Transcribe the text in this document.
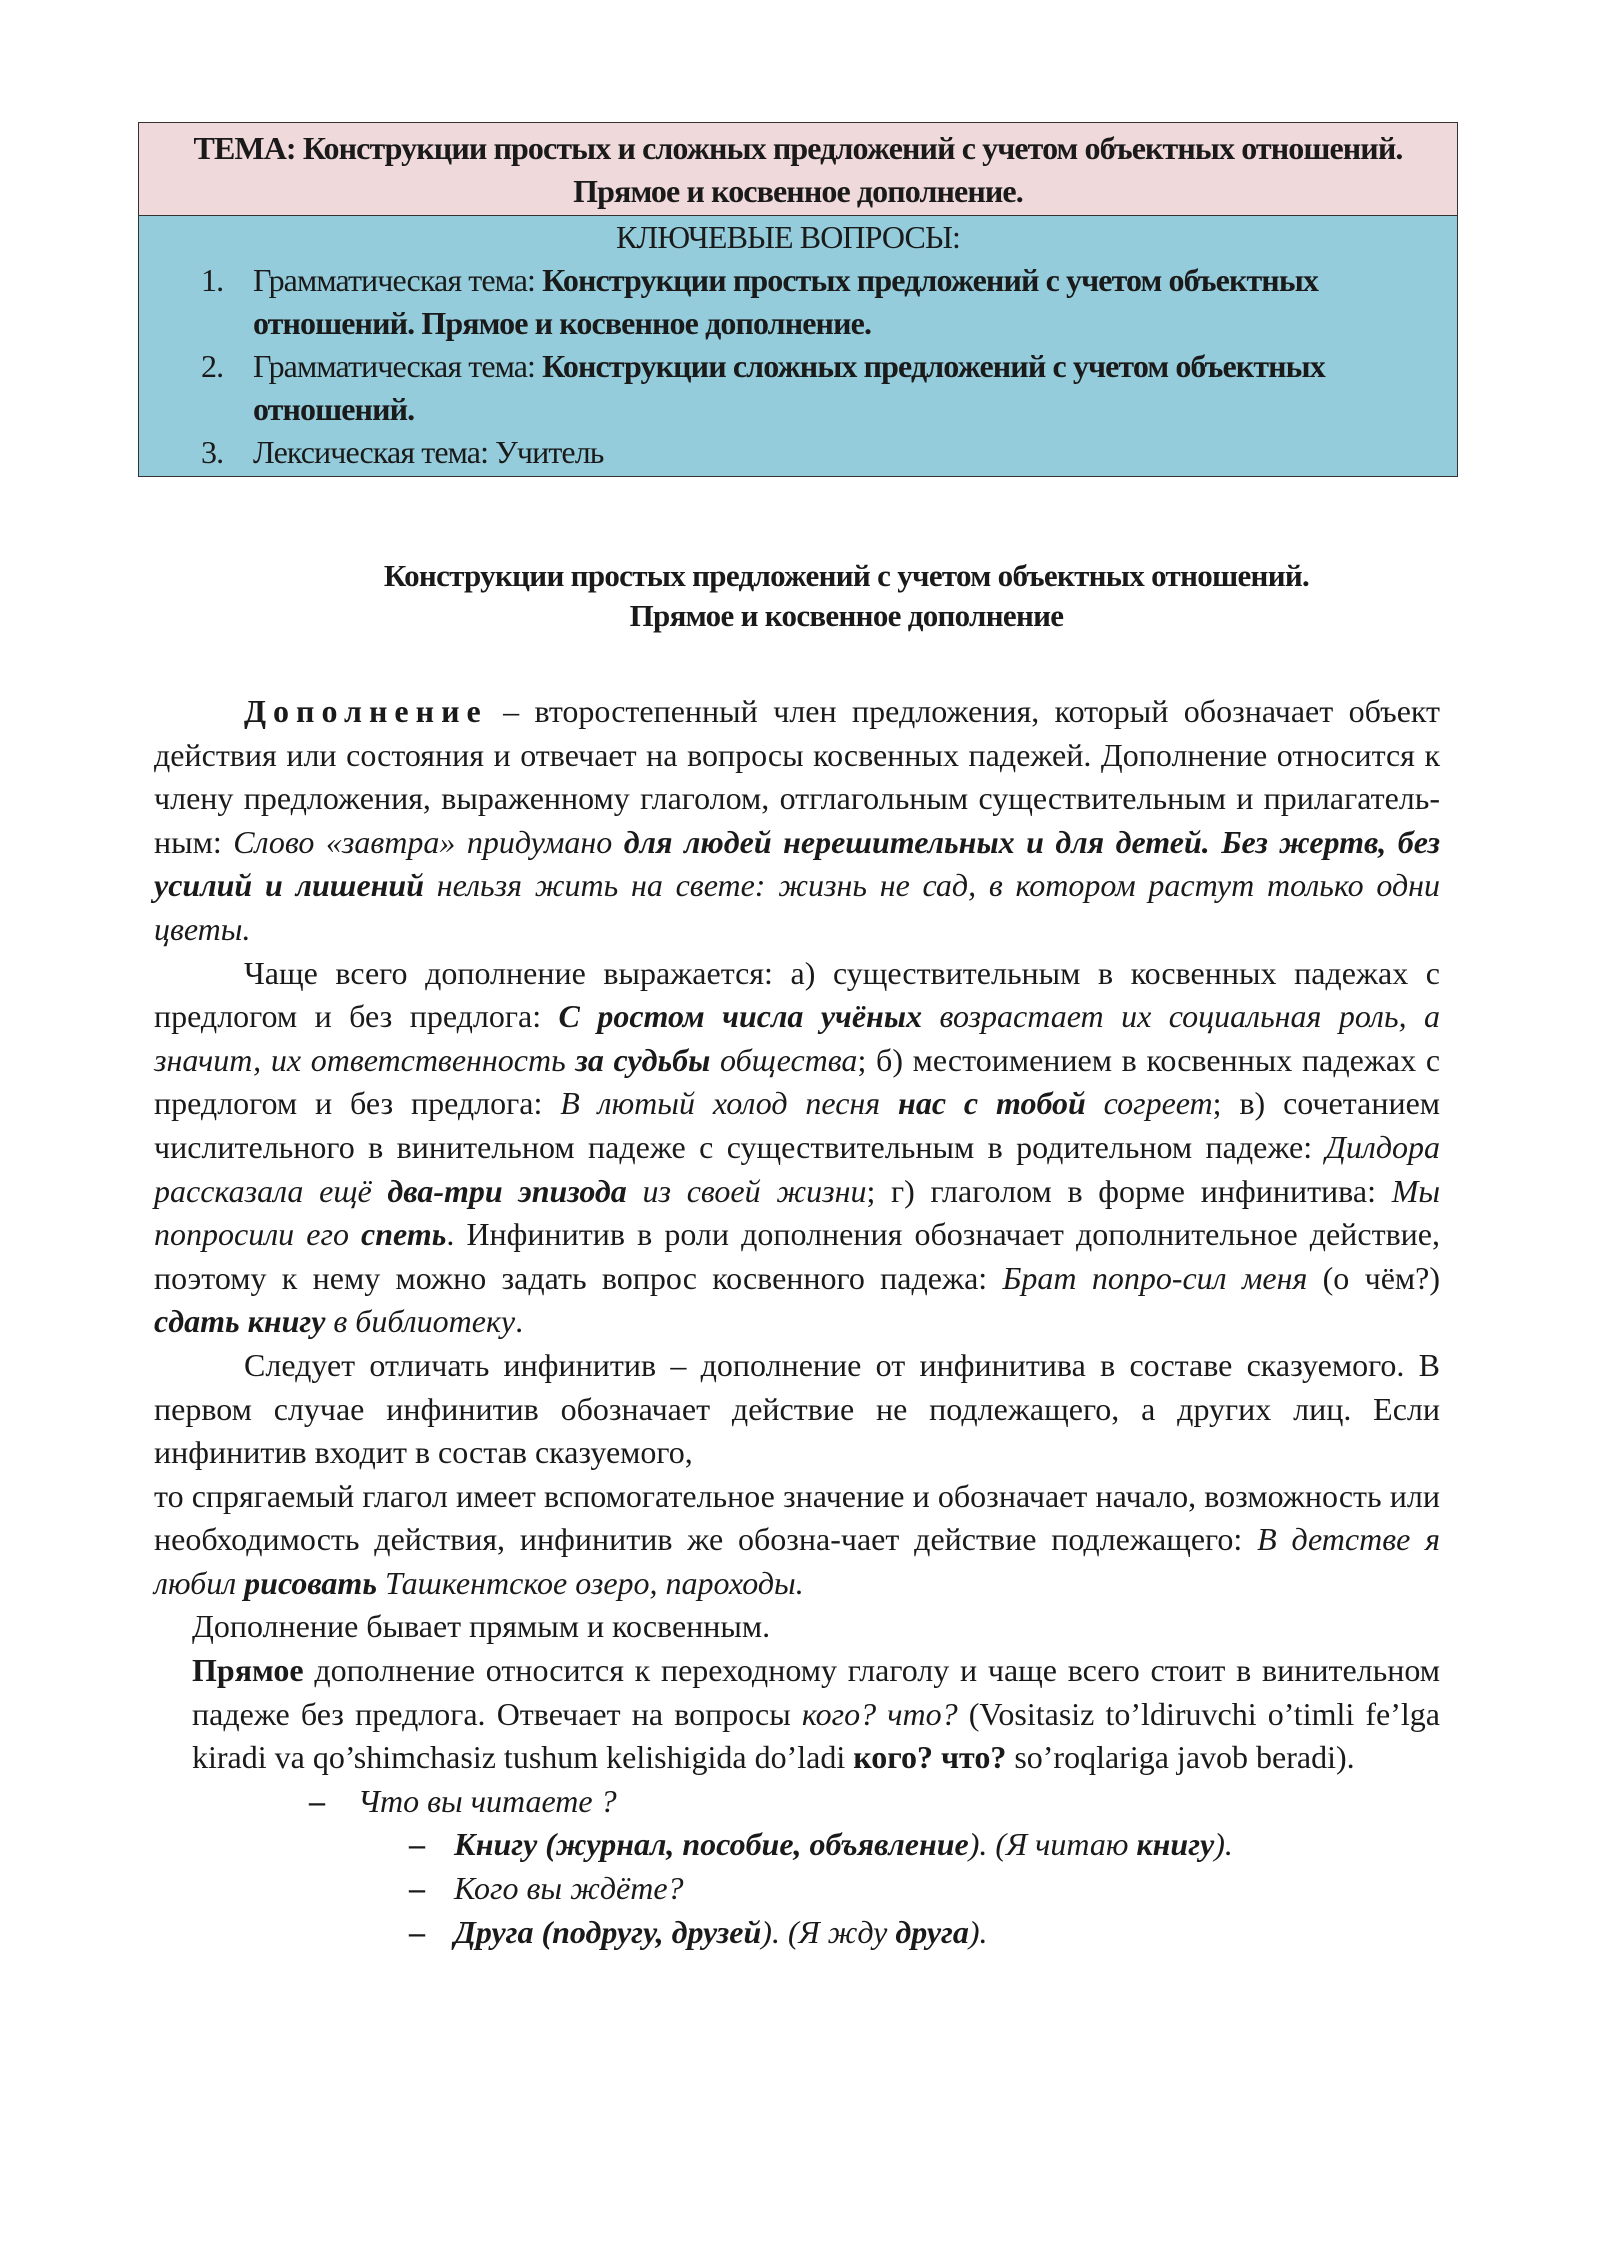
ТЕМА: Конструкции простых и сложных предложений с учетом объектных отношений. Прямое и косвенное дополнение.
КЛЮЧЕВЫЕ ВОПРОСЫ:
1. Грамматическая тема: Конструкции простых предложений с учетом объектных отношений. Прямое и косвенное дополнение.
2. Грамматическая тема: Конструкции сложных предложений с учетом объектных отношений.
3. Лексическая тема: Учитель
Конструкции простых предложений с учетом объектных отношений.
Прямое и косвенное дополнение

Дополнение – второстепенный член предложения, который обозначает объект действия или состояния и отвечает на вопросы косвенных падежей. Дополнение относится к члену предложения, выраженному глаголом, отглагольным существительным и прилагатель-ным: Слово «завтра» придумано для людей нерешительных и для детей. Без жертв, без усилий и лишений нельзя жить на свете: жизнь не сад, в котором растут только одни цветы.

Чаще всего дополнение выражается: а) существительным в косвенных падежах с предлогом и без предлога: С ростом числа учёных возрастает их социальная роль, а значит, их ответственность за судьбы общества; б) местоимением в косвенных падежах с предлогом и без предлога: В лютый холод песня нас с тобой согреет; в) сочетанием числительного в винительном падеже с существительным в родительном падеже: Дилдора рассказала ещё два-три эпизода из своей жизни; г) глаголом в форме инфинитива: Мы попросили его спеть. Инфинитив в роли дополнения обозначает дополнительное действие, поэтому к нему можно задать вопрос косвенного падежа: Брат попро-сил меня (о чём?) сдать книгу в библиотеку.

Следует отличать инфинитив – дополнение от инфинитива в составе сказуемого. В первом случае инфинитив обозначает действие не подлежащего, а других лиц. Если инфинитив входит в состав сказуемого,

то спрягаемый глагол имеет вспомогательное значение и обозначает начало, возможность или необходимость действия, инфинитив же обозна-чает действие подлежащего: В детстве я любил рисовать Ташкентское озеро, пароходы.

Дополнение бывает прямым и косвенным.

Прямое дополнение относится к переходному глаголу и чаще всего стоит в винительном падеже без предлога. Отвечает на вопросы кого? что? (Vositasiz to’ldiruvchi o’timli fe’lga kiradi va qo’shimchasiz tushum kelishigida do’ladi кого? что? so’roqlariga javob beradi).

– Что вы читаете ?
– Книгу (журнал, пособие, объявление). (Я читаю книгу).
– Кого вы ждёте?
– Друга (подругу, друзей). (Я жду друга).
